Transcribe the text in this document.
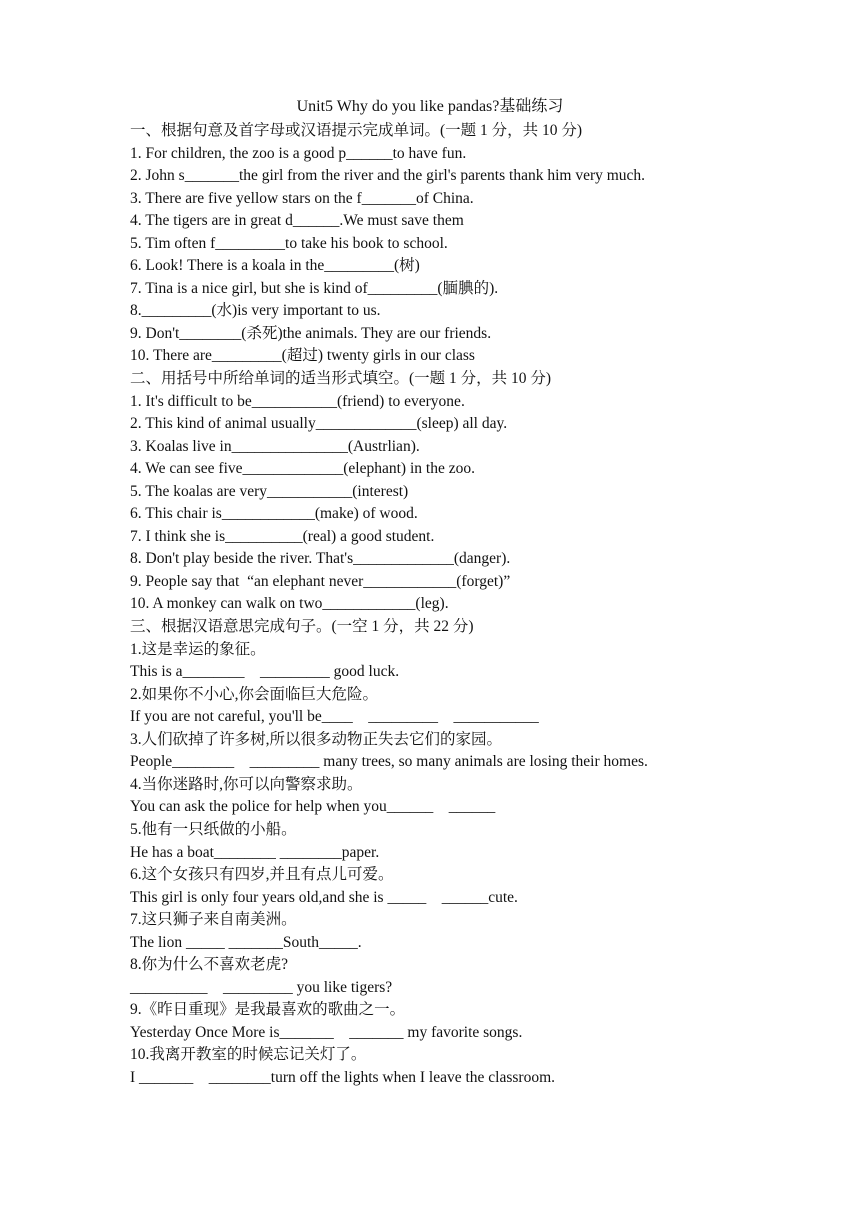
Unit5 Why do you like pandas?基础练习
一、根据句意及首字母或汉语提示完成单词。(一题 1 分，共 10 分)
1. For children, the zoo is a good p______to have fun.
2. John s_______the girl from the river and the girl's parents thank him very much.
3. There are five yellow stars on the f_______of China.
4. The tigers are in great d______.We must save them
5. Tim often f_________to take his book to school.
6. Look! There is a koala in the_________(树)
7. Tina is a nice girl, but she is kind of_________(腼腆的).
8._________(水)is very important to us.
9. Don't________(杀死)the animals. They are our friends.
10. There are_________(超过) twenty girls in our class
二、用括号中所给单词的适当形式填空。(一题 1 分，共 10 分)
1. It's difficult to be___________(friend) to everyone.
2. This kind of animal usually_____________(sleep) all day.
3. Koalas live in_______________(Austrlian).
4. We can see five_____________(elephant) in the zoo.
5. The koalas are very___________(interest)
6. This chair is____________(make) of wood.
7. I think she is__________(real) a good student.
8. Don't play beside the river. That's_____________(danger).
9. People say that  “an elephant never____________(forget)”
10. A monkey can walk on two____________(leg).
三、根据汉语意思完成句子。(一空 1 分，共 22 分)
1.这是幸运的象征。
This is a________    _________ good luck.
2.如果你不小心,你会面临巨大危险。
If you are not careful, you'll be____    _________    ___________
3.人们砍掉了许多树,所以很多动物正失去它们的家园。
People________    _________ many trees, so many animals are losing their homes.
4.当你迷路时,你可以向警察求助。
You can ask the police for help when you______    ______
5.他有一只纸做的小船。
He has a boat________ ________paper.
6.这个女孩只有四岁,并且有点儿可爱。
This girl is only four years old,and she is _____    ______cute.
7.这只狮子来自南美洲。
The lion _____ _______South_____.
8.你为什么不喜欢老虎?
__________    _________ you like tigers?
9.《昨日重现》是我最喜欢的歌曲之一。
Yesterday Once More is_______    _______ my favorite songs.
10.我离开教室的时候忘记关灯了。
I _______    ________turn off the lights when I leave the classroom.
